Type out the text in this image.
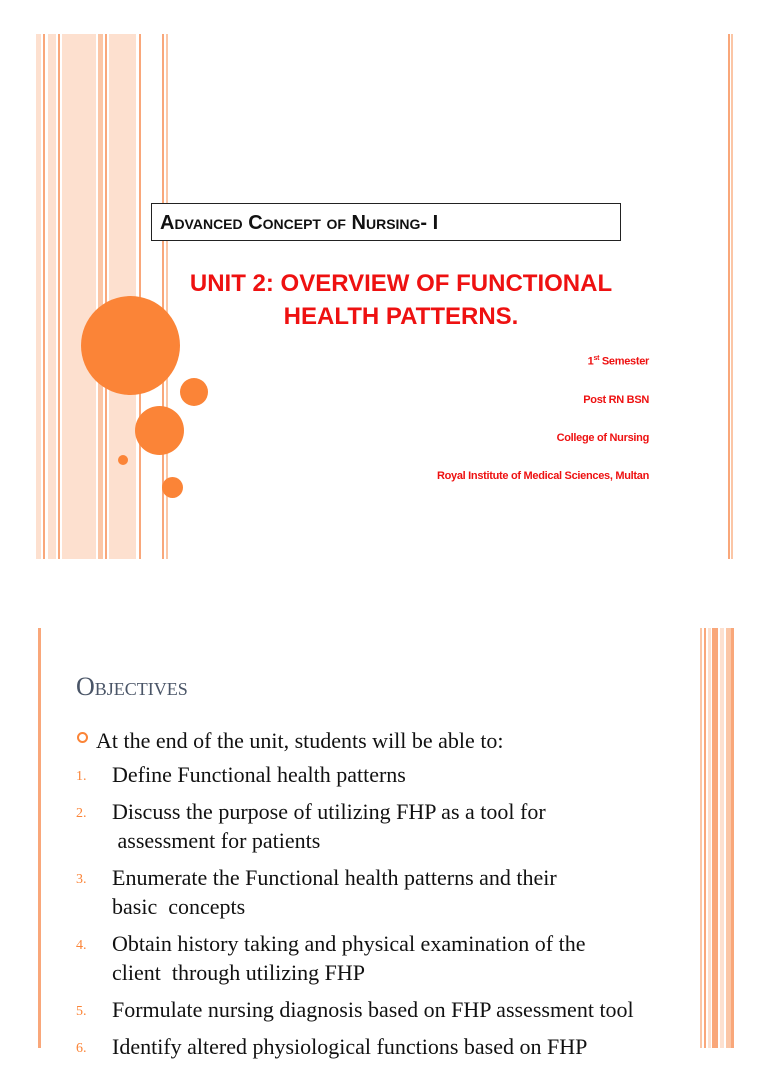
Advanced Concept of Nursing- I
UNIT 2: OVERVIEW OF FUNCTIONAL
HEALTH PATTERNS.

1st Semester

Post RN BSN

College of Nursing

Royal Institute of Medical Sciences, Multan

Objectives
At the end of the unit, students will be able to:
1. Define Functional health patterns
2. Discuss the purpose of utilizing FHP as a tool for
assessment for patients
3. Enumerate the Functional health patterns and their
basic  concepts
4. Obtain history taking and physical examination of the
client  through utilizing FHP
5. Formulate nursing diagnosis based on FHP assessment tool
6. Identify altered physiological functions based on FHP
